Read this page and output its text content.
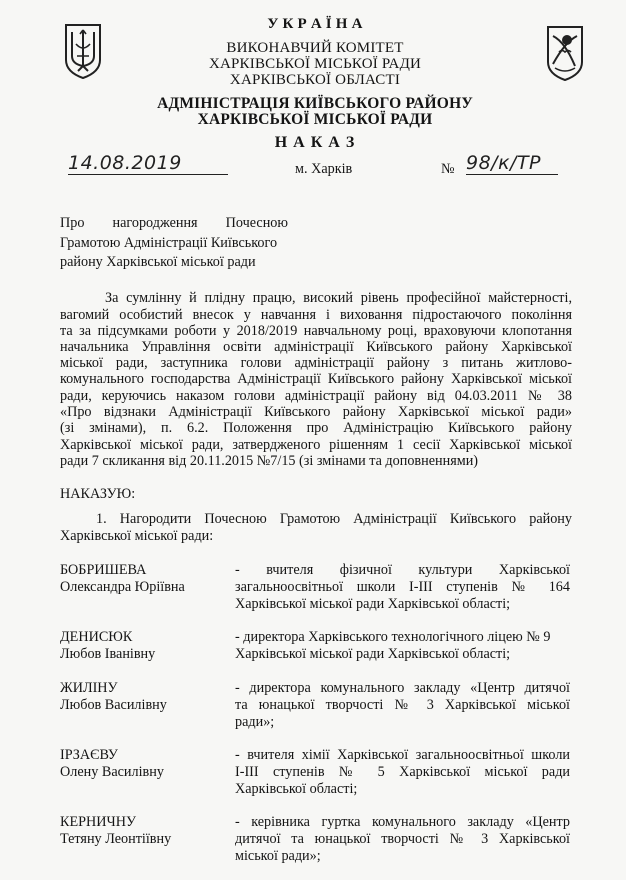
У К Р А Ї Н А
ВИКОНАВЧИЙ КОМІТЕТ
ХАРКІВСЬКОЇ МІСЬКОЇ РАДИ
ХАРКІВСЬКОЇ ОБЛАСТІ
АДМІНІСТРАЦІЯ КИЇВСЬКОГО РАЙОНУ
ХАРКІВСЬКОЇ МІСЬКОЇ РАДИ
Н А К А З
14.08.2019	м. Харків	№ 98/к/ТР
Про нагородження Почесною
Грамотою Адміністрації Київського
району Харківської міської ради
За сумлінну й плідну працю, високий рівень професійної майстерності,
вагомий особистий внесок у навчання і виховання підростаючого покоління
та за підсумками роботи у 2018/2019 навчальному році, враховуючи клопотання
начальника Управління освіти адміністрації Київського району Харківської
міської ради, заступника голови адміністрації району з питань житлово-
комунального господарства Адміністрації Київського району Харківської міської
ради, керуючись наказом голови адміністрації району від 04.03.2011 № 38
«Про відзнаки Адміністрації Київського району Харківської міської ради»
(зі змінами), п. 6.2. Положення про Адміністрацію Київського району
Харківської міської ради, затвердженого рішенням 1 сесії Харківської міської
ради 7 скликання від 20.11.2015 №7/15 (зі змінами та доповненнями)
НАКАЗУЮ:
1. Нагородити Почесною Грамотою Адміністрації Київського району
Харківської міської ради:
БОБРИШЕВА
Олександра Юріївна
- вчителя фізичної культури Харківської
загальноосвітньої школи І-ІІІ ступенів № 164
Харківської міської ради Харківської області;
ДЕНИСЮК
Любов Іванівну
- директора Харківського технологічного ліцею № 9
Харківської міської ради Харківської області;
ЖИЛІНУ
Любов Василівну
- директора комунального закладу «Центр дитячої
та юнацької творчості № 3 Харківської міської
ради»;
ІРЗАЄВУ
Олену Василівну
- вчителя хімії Харківської загальноосвітньої школи
І-ІІІ ступенів № 5 Харківської міської ради
Харківської області;
КЕРНИЧНУ
Тетяну Леонтіївну
- керівника гуртка комунального закладу «Центр
дитячої та юнацької творчості № 3 Харківської
міської ради»;
